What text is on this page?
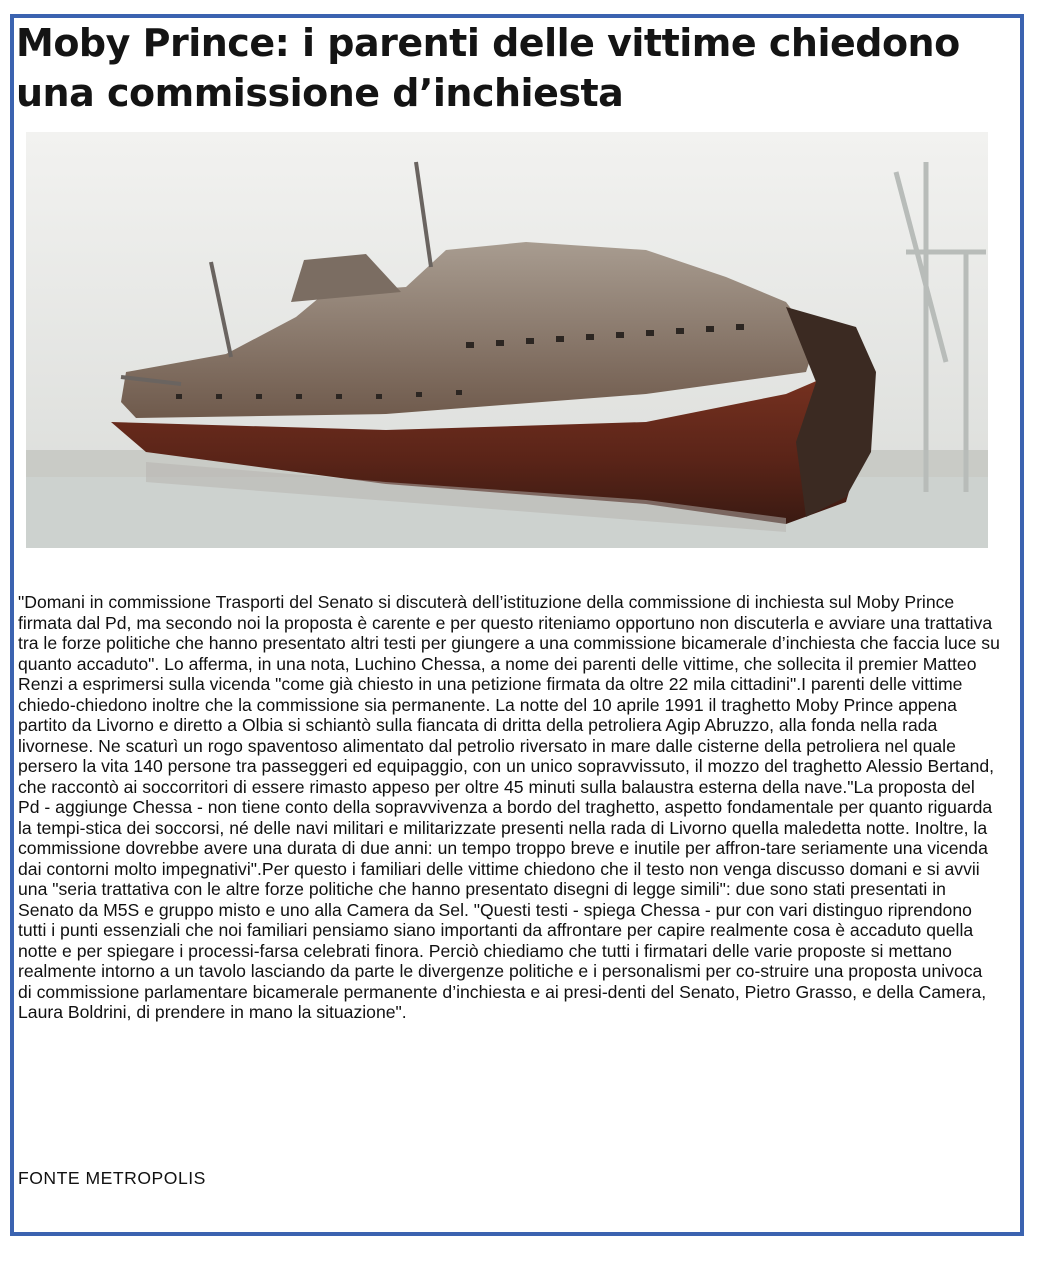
Moby Prince: i parenti delle vittime chiedono una commissione d’inchiesta

"Domani in commissione Trasporti del Senato si discuterà dell’istituzione della commissione di inchiesta sul Moby Prince firmata dal Pd, ma secondo noi la proposta è carente e per questo riteniamo opportuno non discuterla e avviare una trattativa tra le forze politiche che hanno presentato altri testi per giungere a una commissione bicamerale d’inchiesta che faccia luce su quanto accaduto". Lo afferma, in una nota, Luchino Chessa, a nome dei parenti delle vittime, che sollecita il premier Matteo Renzi a esprimersi sulla vicenda "come già chiesto in una petizione firmata da oltre 22 mila cittadini".I parenti delle vittime chiedo-chiedono inoltre che la commissione sia permanente. La notte del 10 aprile 1991 il traghetto Moby Prince appena partito da Livorno e diretto a Olbia si schiantò sulla fiancata di dritta della petroliera Agip Abruzzo, alla fonda nella rada livornese. Ne scaturì un rogo spaventoso alimentato dal petrolio riversato in mare dalle cisterne della petroliera nel quale persero la vita 140 persone tra passeggeri ed equipaggio, con un unico sopravvissuto, il mozzo del traghetto Alessio Bertand, che raccontò ai soccorritori di essere rimasto appeso per oltre 45 minuti sulla balaustra esterna della nave."La proposta del Pd - aggiunge Chessa - non tiene conto della sopravvivenza a bordo del traghetto, aspetto fondamentale per quanto riguarda la tempi-stica dei soccorsi, né delle navi militari e militarizzate presenti nella rada di Livorno quella maledetta notte. Inoltre, la commissione dovrebbe avere una durata di due anni: un tempo troppo breve e inutile per affron-tare seriamente una vicenda dai contorni molto impegnativi".Per questo i familiari delle vittime chiedono che il testo non venga discusso domani e si avvii una "seria trattativa con le altre forze politiche che hanno presentato disegni di legge simili": due sono stati presentati in Senato da M5S e gruppo misto e uno alla Camera da Sel. "Questi testi - spiega Chessa - pur con vari distinguo riprendono tutti i punti essenziali che noi familiari pensiamo siano importanti da affrontare per capire realmente cosa è accaduto quella notte e per spiegare i processi-farsa celebrati finora. Perciò chiediamo che tutti i firmatari delle varie proposte si mettano realmente intorno a un tavolo lasciando da parte le divergenze politiche e i personalismi per co-struire una proposta univoca di commissione parlamentare bicamerale permanente d’inchiesta e ai presi-denti del Senato, Pietro Grasso, e della Camera, Laura Boldrini, di prendere in mano la situazione".

FONTE METROPOLIS
